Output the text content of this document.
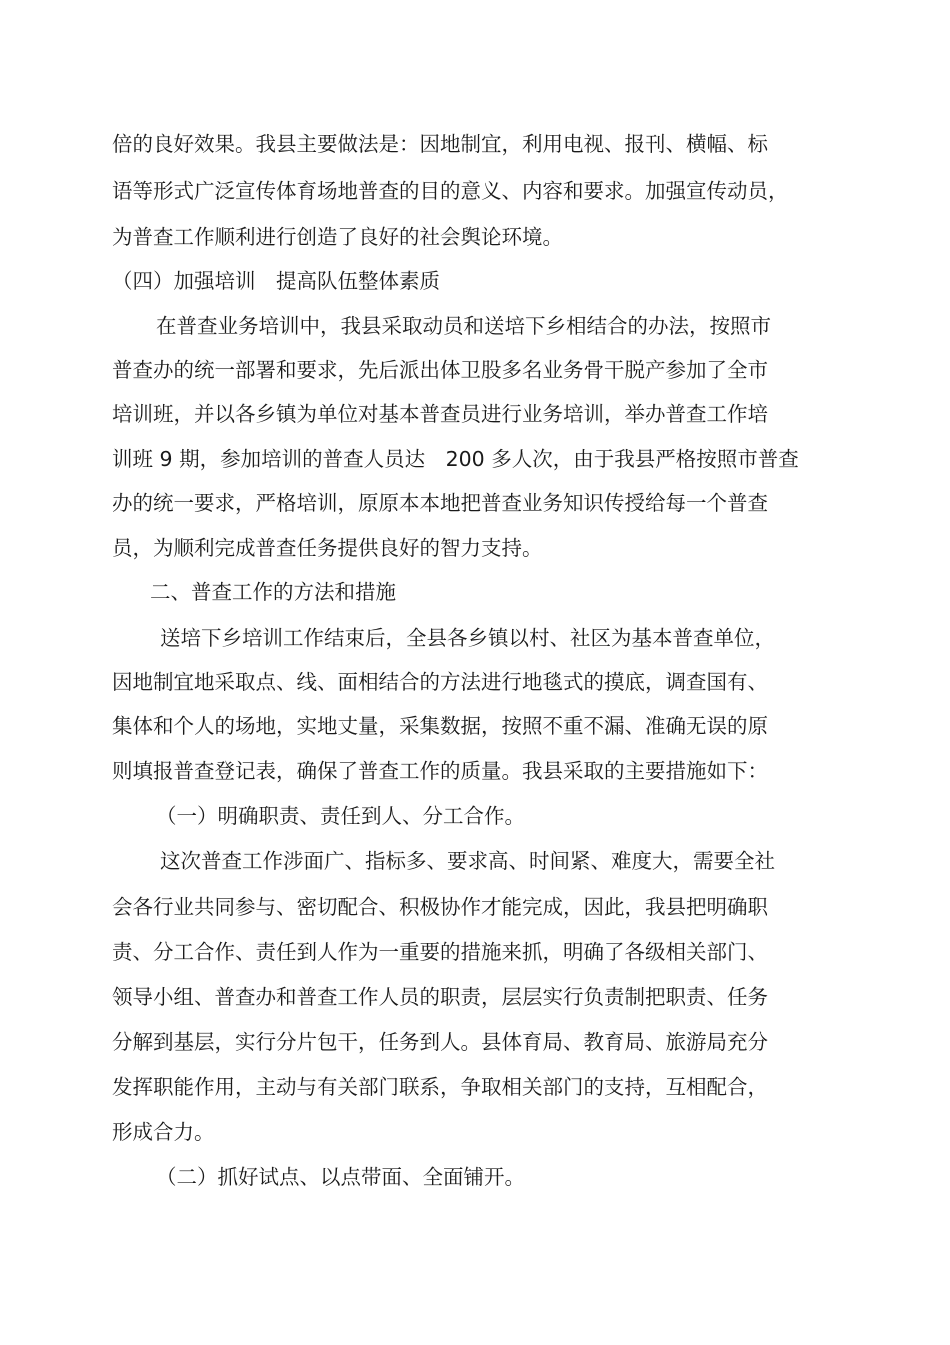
倍的良好效果。我县主要做法是：因地制宜，利用电视、报刊、横幅、标

语等形式广泛宣传体育场地普查的目的意义、内容和要求。加强宣传动员，

为普查工作顺利进行创造了良好的社会舆论环境。

（四）加强培训　提高队伍整体素质

在普查业务培训中，我县采取动员和送培下乡相结合的办法，按照市

普查办的统一部署和要求，先后派出体卫股多名业务骨干脱产参加了全市

培训班，并以各乡镇为单位对基本普查员进行业务培训，举办普查工作培

训班 9 期，参加培训的普查人员达　200 多人次，由于我县严格按照市普查

办的统一要求，严格培训，原原本本地把普查业务知识传授给每一个普查

员，为顺利完成普查任务提供良好的智力支持。

二、普查工作的方法和措施

送培下乡培训工作结束后，全县各乡镇以村、社区为基本普查单位，

因地制宜地采取点、线、面相结合的方法进行地毯式的摸底，调查国有、

集体和个人的场地，实地丈量，采集数据，按照不重不漏、准确无误的原

则填报普查登记表，确保了普查工作的质量。我县采取的主要措施如下：

（一）明确职责、责任到人、分工合作。

这次普查工作涉面广、指标多、要求高、时间紧、难度大，需要全社

会各行业共同参与、密切配合、积极协作才能完成，因此，我县把明确职

责、分工合作、责任到人作为一重要的措施来抓，明确了各级相关部门、

领导小组、普查办和普查工作人员的职责，层层实行负责制把职责、任务

分解到基层，实行分片包干，任务到人。县体育局、教育局、旅游局充分

发挥职能作用，主动与有关部门联系，争取相关部门的支持，互相配合，

形成合力。

（二）抓好试点、以点带面、全面铺开。
